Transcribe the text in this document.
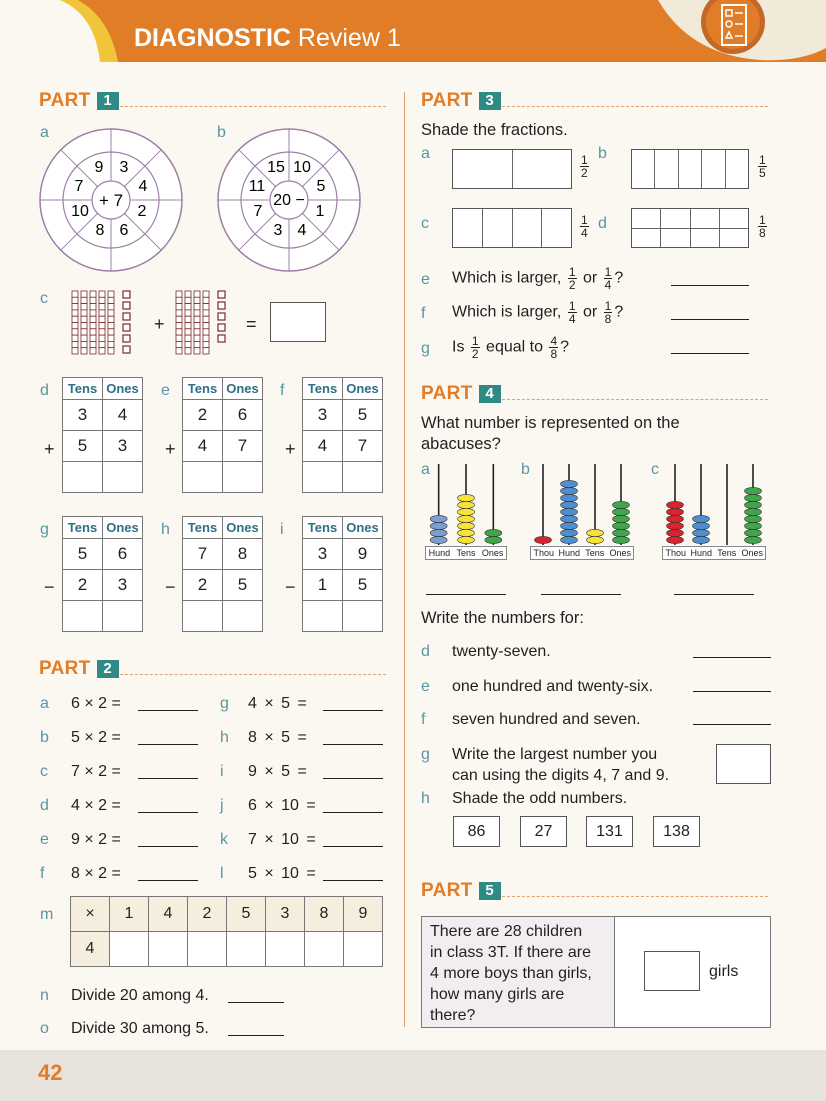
DIAGNOSTIC Review 1
PART 1
a
+ 7
9 3
4
2
6
8
10
7
b
20 −
10
5
1
4
3
7
11
15
c
+	=
d
+
Tens	Ones
3	4
5	3

e
+
Tens	Ones
2	6
4	7

f
+
Tens	Ones
3	5
4	7

g
−
Tens	Ones
5	6
2	3

h
−
Tens	Ones
7	8
2	5

i
−
Tens	Ones
3	9
1	5

PART 2
a 6 × 2 =
b 5 × 2 =
c 7 × 2 =
d 4 × 2 =
e 9 × 2 =
f 8 × 2 =
g 4 × 5 =
h 8 × 5 =
i 9 × 5 =
j 6 × 10 =
k 7 × 10 =
l 5 × 10 =
m ×	1	4	2	5	3	8	9
4							
n Divide 20 among 4.
o Divide 30 among 5.
PART 3
Shade the fractions.
a
$\frac{1}{2}$
b
$\frac{1}{5}$
c	$\frac{1}{4}$ d	$\frac{1}{8}$
e Which is larger, $\frac{1}{2}$ or $\frac{1}{4}$ ?
f Which is larger, $\frac{1}{4}$ or $\frac{1}{8}$ ?
g Is $\frac{1}{2}$ equal to $\frac{4}{8}$ ?
PART 4
What number is represented on the
abacuses?
a	b	c
Hund Tens Ones	Thou Hund Tens Ones	Thou Hund Tens Ones
Write the numbers for:
d twenty-seven.
e one hundred and twenty-six.
f seven hundred and seven.
g Write the largest number you
can using the digits 4, 7 and 9.
h Shade the odd numbers.
86	27	131	138
PART 5
There are 28 children
in class 3T. If there are
4 more boys than girls,
how many girls are
there?
girls
42
